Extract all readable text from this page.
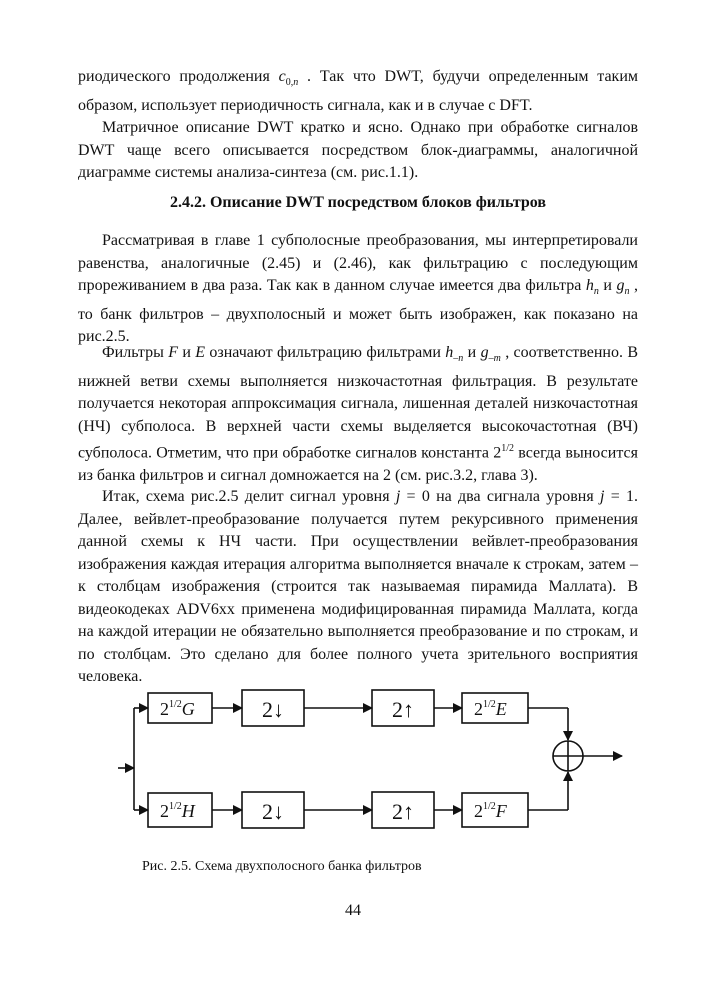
риодического продолжения $c_{0,n}$ . Так что DWT, будучи определенным таким образом, использует периодичность сигнала, как и в случае с DFT.
Матричное описание DWT кратко и ясно. Однако при обработке сигналов DWT чаще всего описывается посредством блок-диаграммы, аналогичной диаграмме системы анализа-синтеза (см. рис.1.1).
2.4.2. Описание DWT посредством блоков фильтров
Рассматривая в главе 1 субполосные преобразования, мы интерпретировали равенства, аналогичные (2.45) и (2.46), как фильтрацию с последующим прореживанием в два раза. Так как в данном случае имеется два фильтра $h_n$ и $g_n$ , то банк фильтров – двухполосный и может быть изображен, как показано на рис.2.5.
Фильтры F и E означают фильтрацию фильтрами $h_{-n}$ и $g_{-m}$ , соответственно. В нижней ветви схемы выполняется низкочастотная фильтрация. В результате получается некоторая аппроксимация сигнала, лишенная деталей низкочастотная (НЧ) субполоса. В верхней части схемы выделяется высокочастотная (ВЧ) субполоса. Отметим, что при обработке сигналов константа $2^{1/2}$ всегда выносится из банка фильтров и сигнал домножается на 2 (см. рис.3.2, глава 3).
Итак, схема рис.2.5 делит сигнал уровня j = 0 на два сигнала уровня j = 1. Далее, вейвлет-преобразование получается путем рекурсивного применения данной схемы к НЧ части. При осуществлении вейвлет-преобразования изображения каждая итерация алгоритма выполняется вначале к строкам, затем – к столбцам изображения (строится так называемая пирамида Маллата). В видеокодеках ADV6xx применена модифицированная пирамида Маллата, когда на каждой итерации не обязательно выполняется преобразование и по строкам, и по столбцам. Это сделано для более полного учета зрительного восприятия человека.
$2^{1/2}G$	2↓	2↑	$2^{1/2}E$
$2^{1/2}H$	2↓	2↑	$2^{1/2}F$
Рис. 2.5. Схема двухполосного банка фильтров
44
